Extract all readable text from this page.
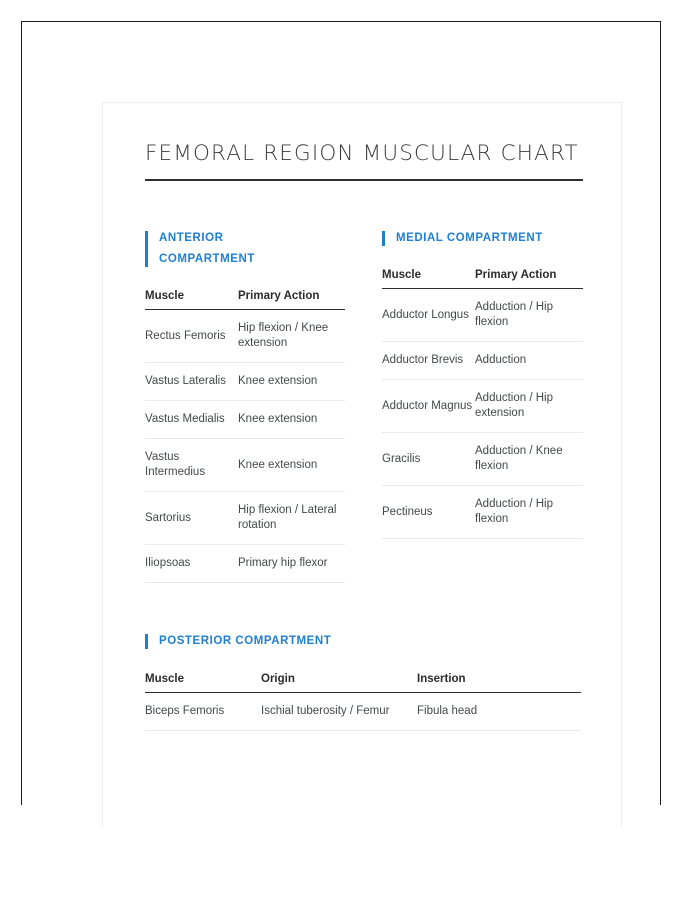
FEMORAL REGION MUSCULAR CHART
ANTERIOR COMPARTMENT
Muscle	Primary Action
Rectus Femoris	Hip flexion / Knee extension
Vastus Lateralis	Knee extension
Vastus Medialis	Knee extension
Vastus Intermedius	Knee extension
Sartorius	Hip flexion / Lateral rotation
Iliopsoas	Primary hip flexor
MEDIAL COMPARTMENT
Muscle	Primary Action
Adductor Longus	Adduction / Hip flexion
Adductor Brevis	Adduction
Adductor Magnus	Adduction / Hip extension
Gracilis	Adduction / Knee flexion
Pectineus	Adduction / Hip flexion
POSTERIOR COMPARTMENT
Muscle	Origin	Insertion
Biceps Femoris	Ischial tuberosity / Femur	Fibula head
